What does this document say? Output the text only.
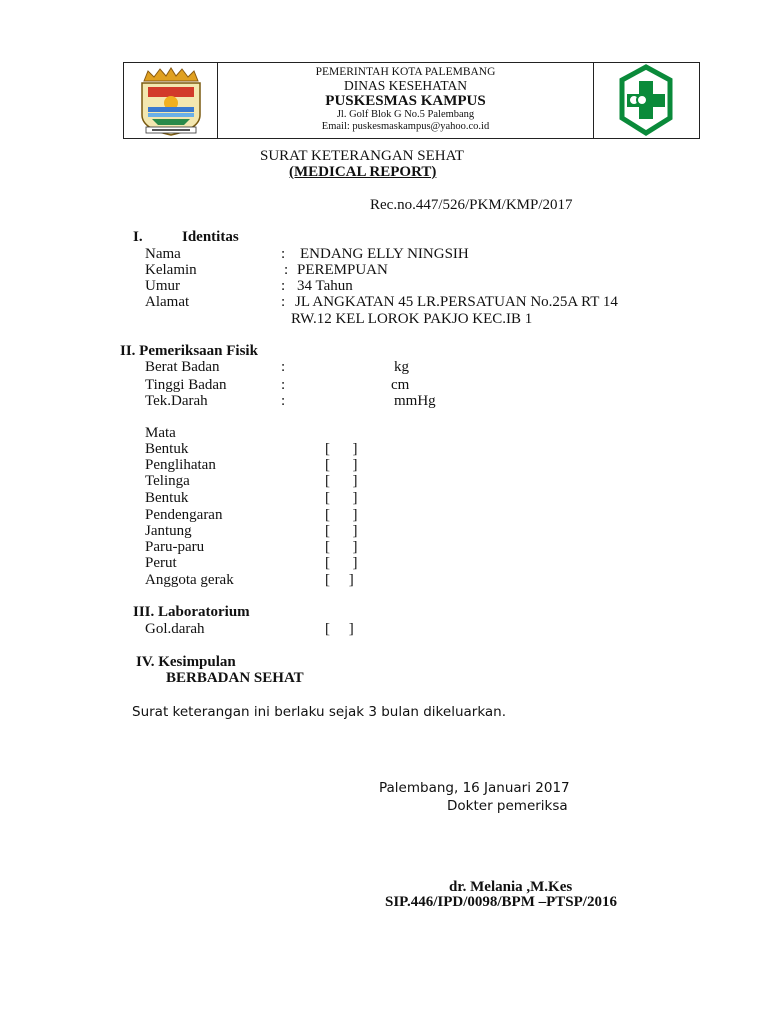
PEMERINTAH KOTA PALEMBANG
DINAS KESEHATAN
PUSKESMAS KAMPUS
Jl. Golf Blok G No.5 Palembang
Email: puskesmaskampus@yahoo.co.id
SURAT KETERANGAN SEHAT
(MEDICAL REPORT)
Rec.no.447/526/PKM/KMP/2017
I.	Identitas
Nama	: ENDANG ELLY NINGSIH
Kelamin	: PEREMPUAN
Umur	: 34 Tahun
Alamat	: JL ANGKATAN 45 LR.PERSATUAN No.25A RT 14
RW.12 KEL LOROK PAKJO KEC.IB 1
II. Pemeriksaan Fisik
Berat Badan	:	kg
Tinggi Badan	:	cm
Tek.Darah	:	mmHg
Mata
Bentuk	[      ]
Penglihatan	[      ]
Telinga	[      ]
Bentuk	[      ]
Pendengaran	[      ]
Jantung	[      ]
Paru-paru	[      ]
Perut	[      ]
Anggota gerak	[     ]
III. Laboratorium
Gol.darah	[     ]
IV. Kesimpulan
BERBADAN SEHAT
Surat keterangan ini berlaku sejak 3 bulan dikeluarkan.
Palembang, 16 Januari 2017
Dokter pemeriksa
dr. Melania ,M.Kes
SIP.446/IPD/0098/BPM –PTSP/2016
